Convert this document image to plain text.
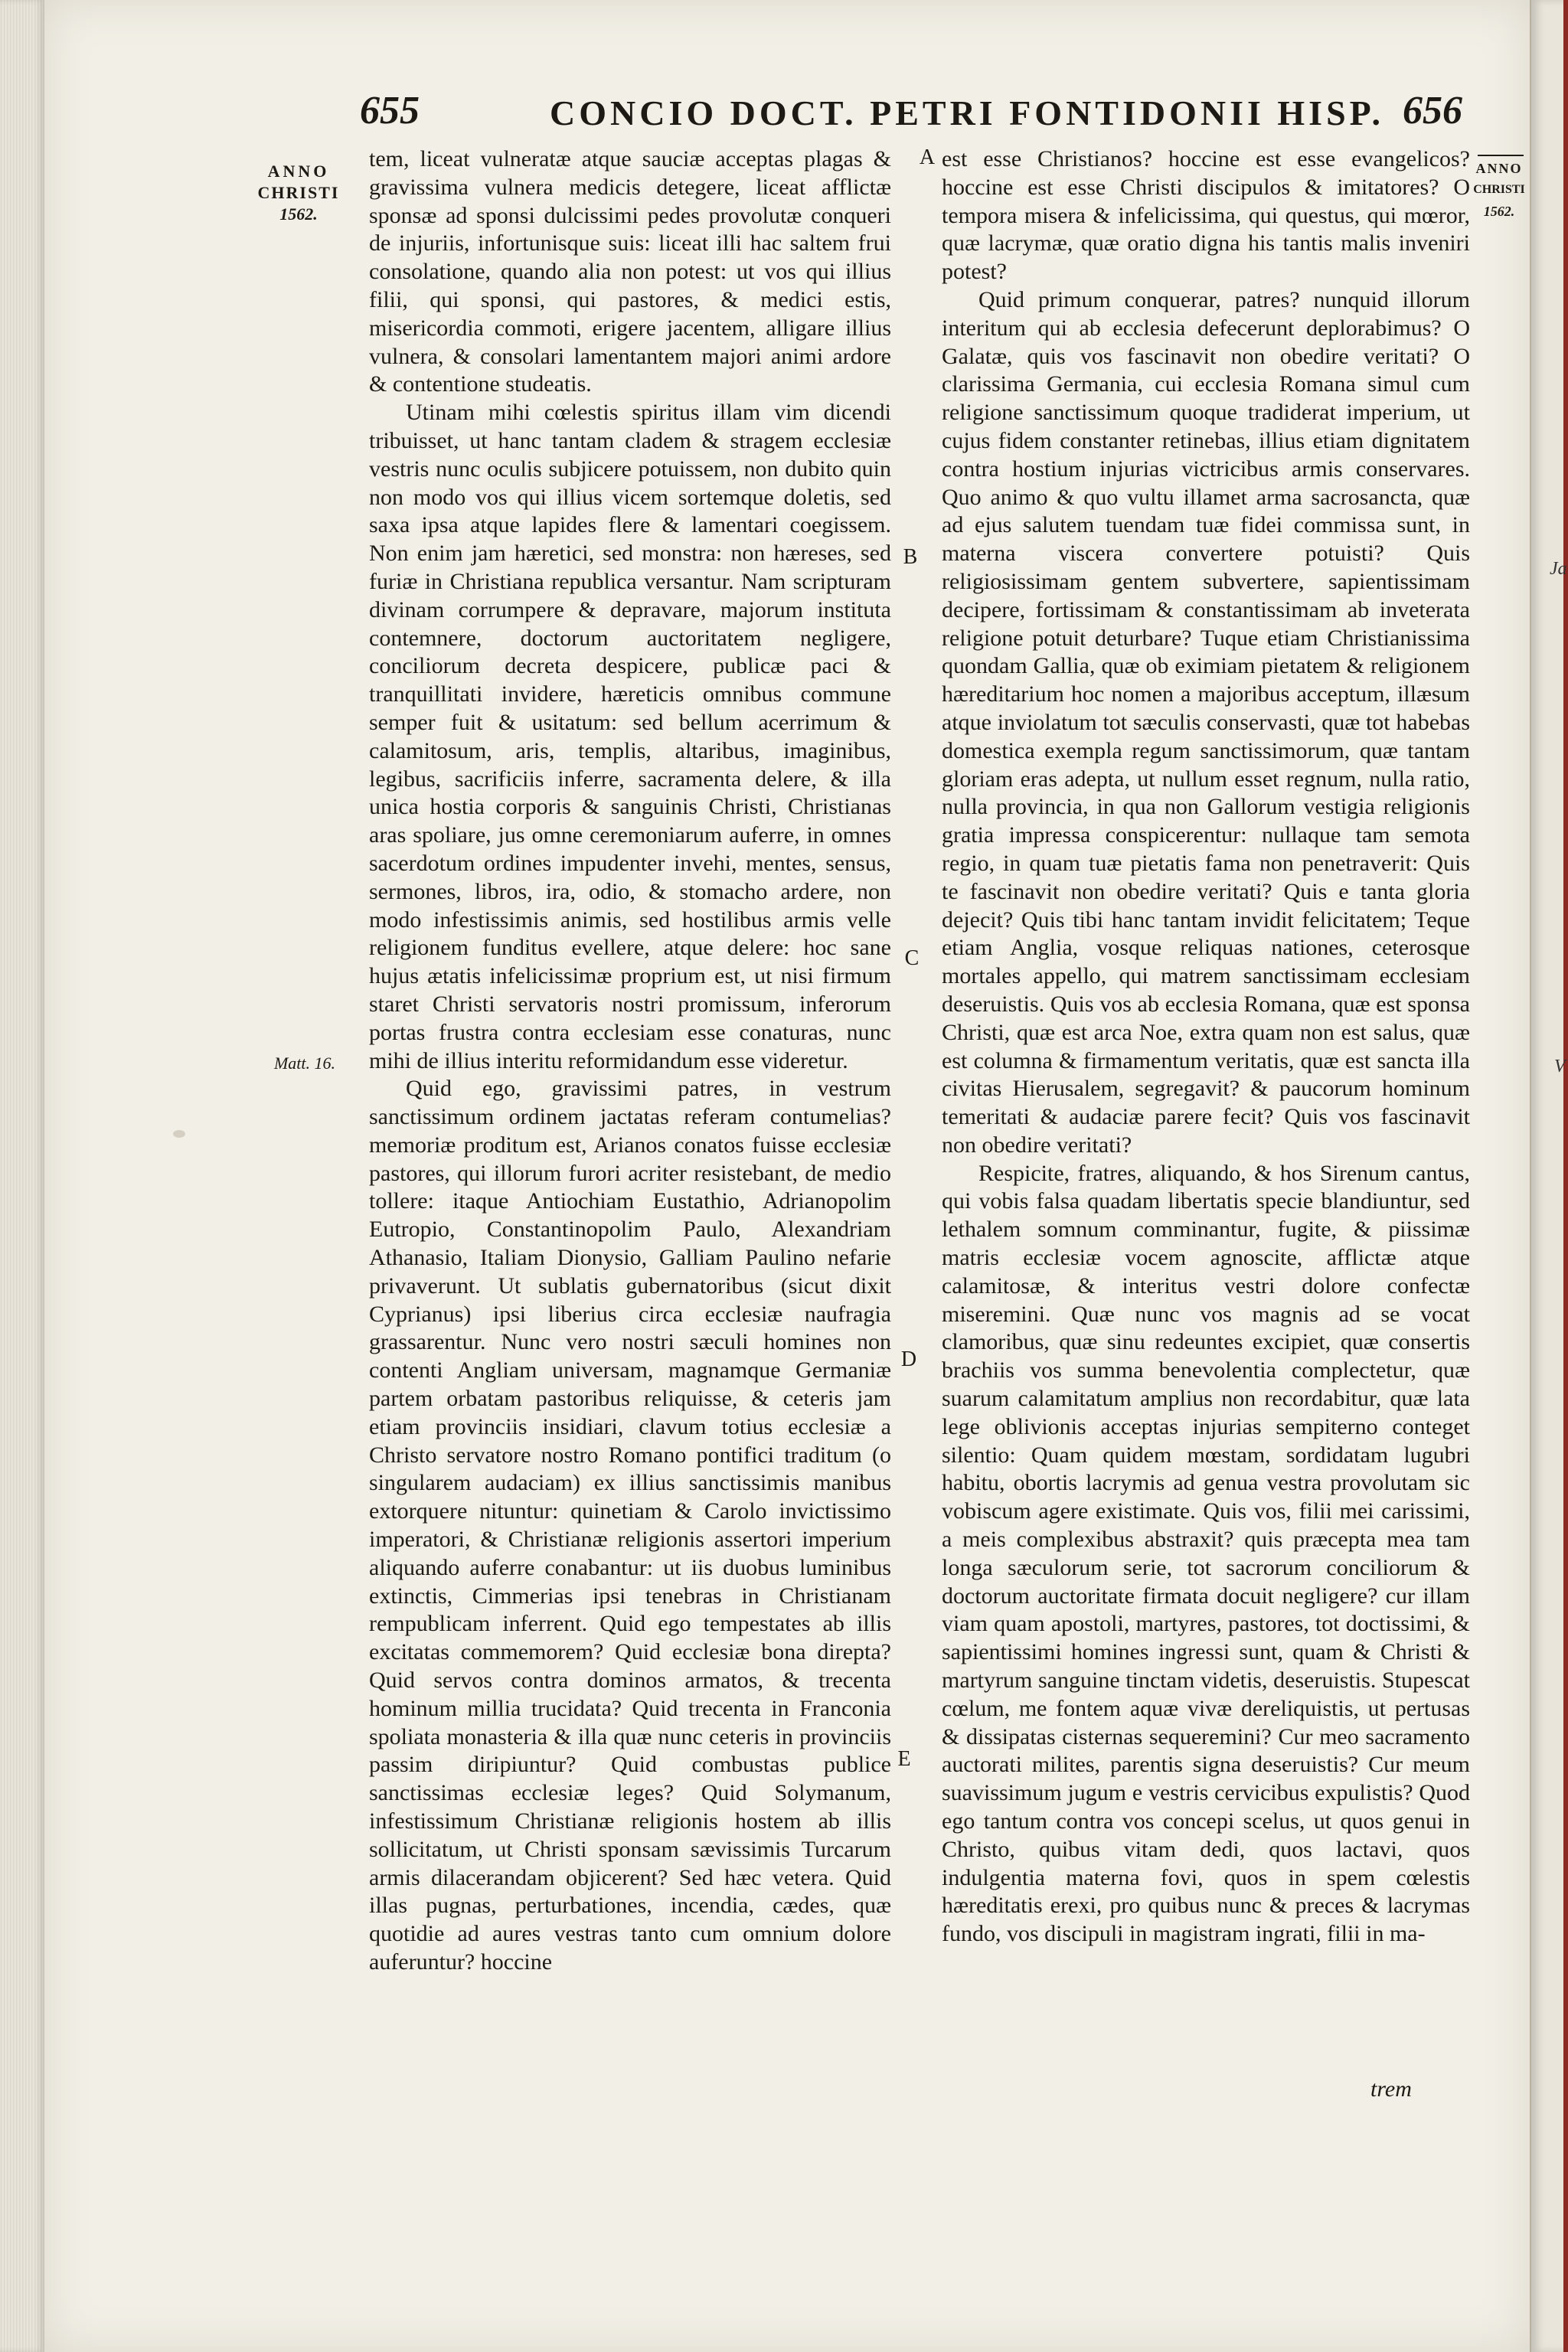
655	CONCIO DOCT. PETRI FONTIDONII HISP. 656
ANNO
CHRISTI
1562.
ANNO
CHRISTI
1562.
Matt. 16.
Ja
V
A
B
C
D
E

tem, liceat vulneratæ atque sauciæ acceptas plagas & gravissima vulnera medicis detegere, liceat afflictæ sponsæ ad sponsi dulcissimi pedes provolutæ conqueri de injuriis, infortunisque suis: liceat illi hac saltem frui consolatione, quando alia non potest: ut vos qui illius filii, qui sponsi, qui pastores, & medici estis, misericordia commoti, erigere jacentem, alligare illius vulnera, & consolari lamentantem majori animi ardore & contentione studeatis.

Utinam mihi cœlestis spiritus illam vim dicendi tribuisset, ut hanc tantam cladem & stragem ecclesiæ vestris nunc oculis subjicere potuissem, non dubito quin non modo vos qui illius vicem sortemque doletis, sed saxa ipsa atque lapides flere & lamentari coegissem. Non enim jam hæretici, sed monstra: non hæreses, sed furiæ in Christiana republica versantur. Nam scripturam divinam corrumpere & depravare, majorum instituta contemnere, doctorum auctoritatem negligere, conciliorum decreta despicere, publicæ paci & tranquillitati invidere, hæreticis omnibus commune semper fuit & usitatum: sed bellum acerrimum & calamitosum, aris, templis, altaribus, imaginibus, legibus, sacrificiis inferre, sacramenta delere, & illa unica hostia corporis & sanguinis Christi, Christianas aras spoliare, jus omne ceremoniarum auferre, in omnes sacerdotum ordines impudenter invehi, mentes, sensus, sermones, libros, ira, odio, & stomacho ardere, non modo infestissimis animis, sed hostilibus armis velle religionem funditus evellere, atque delere: hoc sane hujus ætatis infelicissimæ proprium est, ut nisi firmum staret Christi servatoris nostri promissum, inferorum portas frustra contra ecclesiam esse conaturas, nunc mihi de illius interitu reformidandum esse videretur.

Quid ego, gravissimi patres, in vestrum sanctissimum ordinem jactatas referam contumelias? memoriæ proditum est, Arianos conatos fuisse ecclesiæ pastores, qui illorum furori acriter resistebant, de medio tollere: itaque Antiochiam Eustathio, Adrianopolim Eutropio, Constantinopolim Paulo, Alexandriam Athanasio, Italiam Dionysio, Galliam Paulino nefarie privaverunt. Ut sublatis gubernatoribus (sicut dixit Cyprianus) ipsi liberius circa ecclesiæ naufragia grassarentur. Nunc vero nostri sæculi homines non contenti Angliam universam, magnamque Germaniæ partem orbatam pastoribus reliquisse, & ceteris jam etiam provinciis insidiari, clavum totius ecclesiæ a Christo servatore nostro Romano pontifici traditum (o singularem audaciam) ex illius sanctissimis manibus extorquere nituntur: quinetiam & Carolo invictissimo imperatori, & Christianæ religionis assertori imperium aliquando auferre conabantur: ut iis duobus luminibus extinctis, Cimmerias ipsi tenebras in Christianam rempublicam inferrent. Quid ego tempestates ab illis excitatas commemorem? Quid ecclesiæ bona direpta? Quid servos contra dominos armatos, & trecenta hominum millia trucidata? Quid trecenta in Franconia spoliata monasteria & illa quæ nunc ceteris in provinciis passim diripiuntur? Quid combustas publice sanctissimas ecclesiæ leges? Quid Solymanum, infestissimum Christianæ religionis hostem ab illis sollicitatum, ut Christi sponsam sævissimis Turcarum armis dilacerandam objicerent? Sed hæc vetera. Quid illas pugnas, perturbationes, incendia, cædes, quæ quotidie ad aures vestras tanto cum omnium dolore auferuntur? hoccine

est esse Christianos? hoccine est esse evangelicos? hoccine est esse Christi discipulos & imitatores? O tempora misera & infelicissima, qui questus, qui mœror, quæ lacrymæ, quæ oratio digna his tantis malis inveniri potest?

Quid primum conquerar, patres? nunquid illorum interitum qui ab ecclesia defecerunt deplorabimus? O Galatæ, quis vos fascinavit non obedire veritati? O clarissima Germania, cui ecclesia Romana simul cum religione sanctissimum quoque tradiderat imperium, ut cujus fidem constanter retinebas, illius etiam dignitatem contra hostium injurias victricibus armis conservares. Quo animo & quo vultu illamet arma sacrosancta, quæ ad ejus salutem tuendam tuæ fidei commissa sunt, in materna viscera convertere potuisti? Quis religiosissimam gentem subvertere, sapientissimam decipere, fortissimam & constantissimam ab inveterata religione potuit deturbare? Tuque etiam Christianissima quondam Gallia, quæ ob eximiam pietatem & religionem hæreditarium hoc nomen a majoribus acceptum, illæsum atque inviolatum tot sæculis conservasti, quæ tot habebas domestica exempla regum sanctissimorum, quæ tantam gloriam eras adepta, ut nullum esset regnum, nulla ratio, nulla provincia, in qua non Gallorum vestigia religionis gratia impressa conspicerentur: nullaque tam semota regio, in quam tuæ pietatis fama non penetraverit: Quis te fascinavit non obedire veritati? Quis e tanta gloria dejecit? Quis tibi hanc tantam invidit felicitatem; Teque etiam Anglia, vosque reliquas nationes, ceterosque mortales appello, qui matrem sanctissimam ecclesiam deseruistis. Quis vos ab ecclesia Romana, quæ est sponsa Christi, quæ est arca Noe, extra quam non est salus, quæ est columna & firmamentum veritatis, quæ est sancta illa civitas Hierusalem, segregavit? & paucorum hominum temeritati & audaciæ parere fecit? Quis vos fascinavit non obedire veritati?

Respicite, fratres, aliquando, & hos Sirenum cantus, qui vobis falsa quadam libertatis specie blandiuntur, sed lethalem somnum comminantur, fugite, & piissimæ matris ecclesiæ vocem agnoscite, afflictæ atque calamitosæ, & interitus vestri dolore confectæ miseremini. Quæ nunc vos magnis ad se vocat clamoribus, quæ sinu redeuntes excipiet, quæ consertis brachiis vos summa benevolentia complectetur, quæ suarum calamitatum amplius non recordabitur, quæ lata lege oblivionis acceptas injurias sempiterno conteget silentio: Quam quidem mœstam, sordidatam lugubri habitu, obortis lacrymis ad genua vestra provolutam sic vobiscum agere existimate. Quis vos, filii mei carissimi, a meis complexibus abstraxit? quis præcepta mea tam longa sæculorum serie, tot sacrorum conciliorum & doctorum auctoritate firmata docuit negligere? cur illam viam quam apostoli, martyres, pastores, tot doctissimi, & sapientissimi homines ingressi sunt, quam & Christi & martyrum sanguine tinctam videtis, deseruistis. Stupescat cœlum, me fontem aquæ vivæ dereliquistis, ut pertusas & dissipatas cisternas sequeremini? Cur meo sacramento auctorati milites, parentis signa deseruistis? Cur meum suavissimum jugum e vestris cervicibus expulistis? Quod ego tantum contra vos concepi scelus, ut quos genui in Christo, quibus vitam dedi, quos lactavi, quos indulgentia materna fovi, quos in spem cœlestis hæreditatis erexi, pro quibus nunc & preces & lacrymas fundo, vos discipuli in magistram ingrati, filii in ma-

trem
